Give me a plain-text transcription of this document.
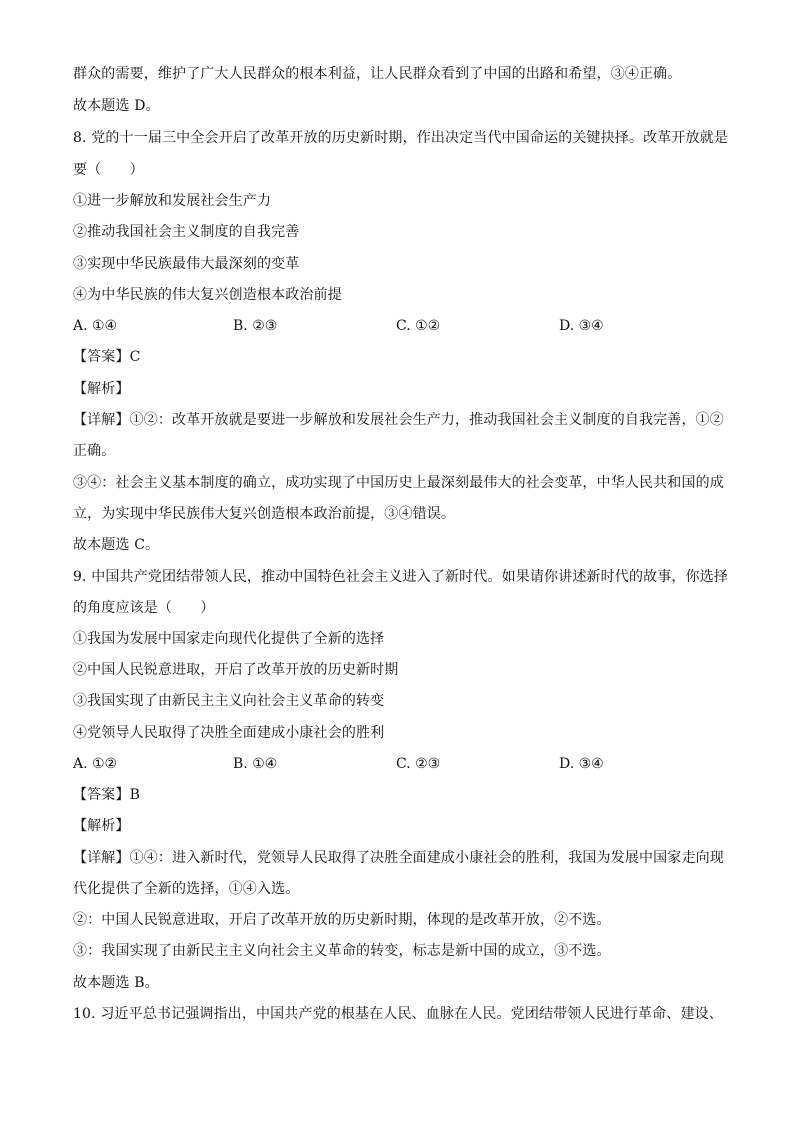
群众的需要，维护了广大人民群众的根本利益，让人民群众看到了中国的出路和希望，③④正确。
故本题选 D。
8. 党的十一届三中全会开启了改革开放的历史新时期，作出决定当代中国命运的关键抉择。改革开放就是
要（　　）
①进一步解放和发展社会生产力
②推动我国社会主义制度的自我完善
③实现中华民族最伟大最深刻的变革
④为中华民族的伟大复兴创造根本政治前提
A. ①④	B. ②③	C. ①②	D. ③④
【答案】C
【解析】
【详解】①②：改革开放就是要进一步解放和发展社会生产力，推动我国社会主义制度的自我完善，①②
正确。
③④：社会主义基本制度的确立，成功实现了中国历史上最深刻最伟大的社会变革，中华人民共和国的成
立，为实现中华民族伟大复兴创造根本政治前提，③④错误。
故本题选 C。
9. 中国共产党团结带领人民，推动中国特色社会主义进入了新时代。如果请你讲述新时代的故事，你选择
的角度应该是（　　）
①我国为发展中国家走向现代化提供了全新的选择
②中国人民锐意进取，开启了改革开放的历史新时期
③我国实现了由新民主主义向社会主义革命的转变
④党领导人民取得了决胜全面建成小康社会的胜利
A. ①②	B. ①④	C. ②③	D. ③④
【答案】B
【解析】
【详解】①④：进入新时代，党领导人民取得了决胜全面建成小康社会的胜利，我国为发展中国家走向现
代化提供了全新的选择，①④入选。
②：中国人民锐意进取，开启了改革开放的历史新时期，体现的是改革开放，②不选。
③：我国实现了由新民主主义向社会主义革命的转变，标志是新中国的成立，③不选。
故本题选 B。
10. 习近平总书记强调指出，中国共产党的根基在人民、血脉在人民。党团结带领人民进行革命、建设、
